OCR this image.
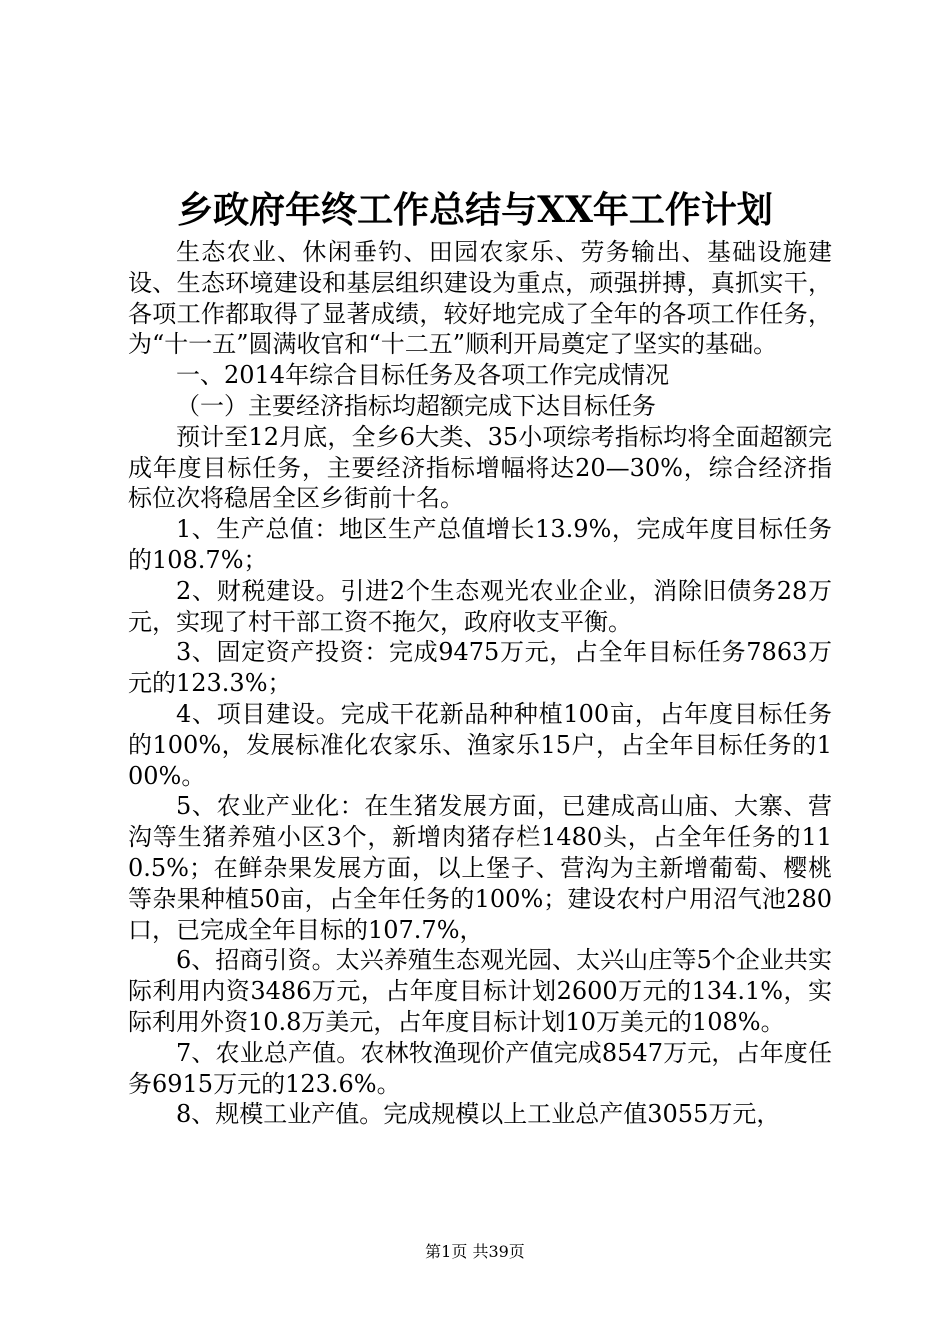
乡政府年终工作总结与XX年工作计划

生态农业、休闲垂钓、田园农家乐、劳务输出、基础设施建设、生态环境建设和基层组织建设为重点，顽强拼搏，真抓实干，各项工作都取得了显著成绩，较好地完成了全年的各项工作任务，为“十一五”圆满收官和“十二五”顺利开局奠定了坚实的基础。

一、2014年综合目标任务及各项工作完成情况

（一）主要经济指标均超额完成下达目标任务

预计至12月底，全乡6大类、35小项综考指标均将全面超额完成年度目标任务，主要经济指标增幅将达20—30%，综合经济指标位次将稳居全区乡街前十名。

1、生产总值：地区生产总值增长13.9%，完成年度目标任务的108.7%；

2、财税建设。引进2个生态观光农业企业，消除旧债务28万元，实现了村干部工资不拖欠，政府收支平衡。

3、固定资产投资：完成9475万元，占全年目标任务7863万元的123.3%；

4、项目建设。完成干花新品种种植100亩，占年度目标任务的100%，发展标准化农家乐、渔家乐15户，占全年目标任务的100%。

5、农业产业化：在生猪发展方面，已建成高山庙、大寨、营沟等生猪养殖小区3个，新增肉猪存栏1480头，占全年任务的110.5%；在鲜杂果发展方面，以上堡子、营沟为主新增葡萄、樱桃等杂果种植50亩，占全年任务的100%；建设农村户用沼气池280口，已完成全年目标的107.7%，

6、招商引资。太兴养殖生态观光园、太兴山庄等5个企业共实际利用内资3486万元，占年度目标计划2600万元的134.1%，实际利用外资10.8万美元，占年度目标计划10万美元的108%。

7、农业总产值。农林牧渔现价产值完成8547万元，占年度任务6915万元的123.6%。

8、规模工业产值。完成规模以上工业总产值3055万元，

第1页 共39页
